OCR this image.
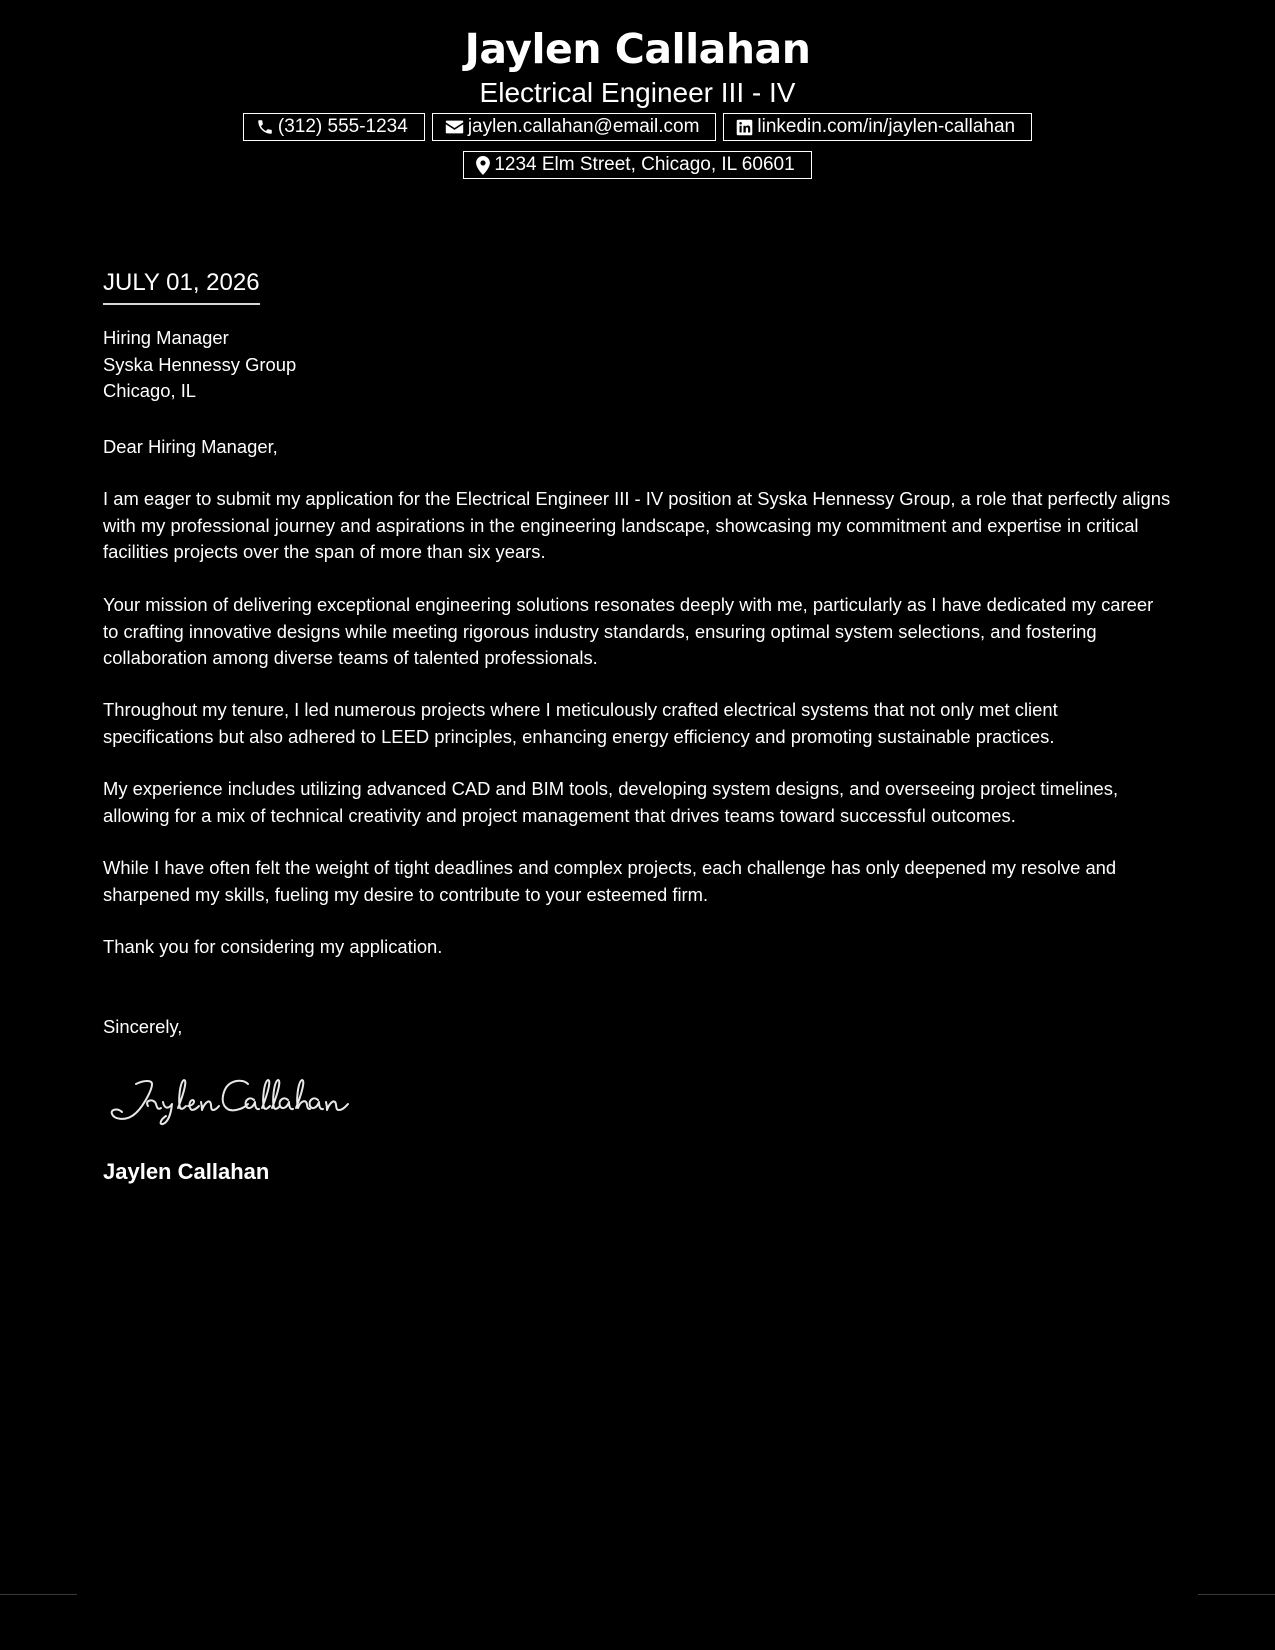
Jaylen Callahan
Electrical Engineer III - IV
(312) 555-1234	jaylen.callahan@email.com	linkedin.com/in/jaylen-callahan
1234 Elm Street, Chicago, IL 60601
JULY 01, 2026
Hiring Manager
Syska Hennessy Group
Chicago, IL
Dear Hiring Manager,
I am eager to submit my application for the Electrical Engineer III - IV position at Syska Hennessy Group, a role that perfectly aligns with my professional journey and aspirations in the engineering landscape, showcasing my commitment and expertise in critical facilities projects over the span of more than six years.
Your mission of delivering exceptional engineering solutions resonates deeply with me, particularly as I have dedicated my career to crafting innovative designs while meeting rigorous industry standards, ensuring optimal system selections, and fostering collaboration among diverse teams of talented professionals.
Throughout my tenure, I led numerous projects where I meticulously crafted electrical systems that not only met client specifications but also adhered to LEED principles, enhancing energy efficiency and promoting sustainable practices.
My experience includes utilizing advanced CAD and BIM tools, developing system designs, and overseeing project timelines, allowing for a mix of technical creativity and project management that drives teams toward successful outcomes.
While I have often felt the weight of tight deadlines and complex projects, each challenge has only deepened my resolve and sharpened my skills, fueling my desire to contribute to your esteemed firm.
Thank you for considering my application.
Sincerely,
Jaylen Callahan
